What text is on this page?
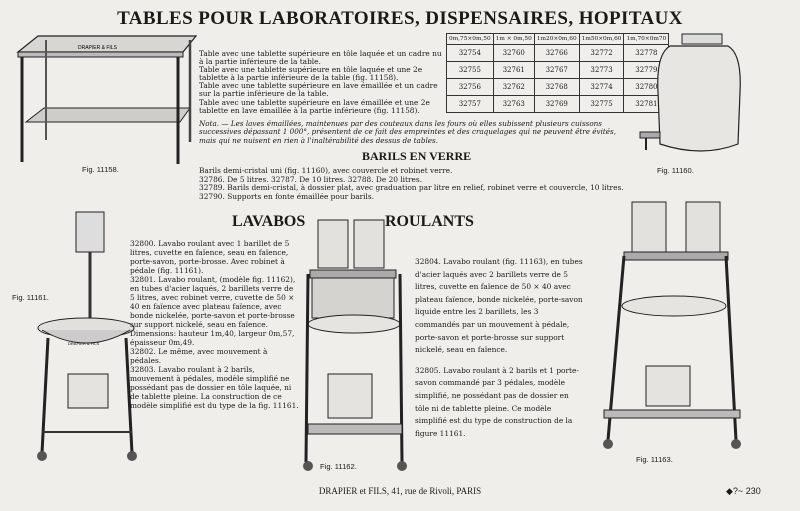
TABLES POUR LABORATOIRES, DISPENSAIRES, HOPITAUX
DRAPIER & FILS
Fig. 11158.
Table avec une tablette supérieure en tôle laquée et un cadre nu à la partie inférieure de la table.
Table avec une tablette supérieure en tôle laquée et une 2e tablette à la partie inférieure de la table (fig. 11158).
Table avec une tablette supérieure en lave émaillée et un cadre sur la partie inférieure de la table.
Table avec une tablette supérieure en lave émaillée et une 2e tablette en lave émaillée à la partie inférieure (fig. 11158).
0m,75×0m,50	1m × 0m,50	1m20×0m,60	1m50×0m,60	1m,70×0m70
32754	32760	32766	32772	32778
32755	32761	32767	32773	32779
32756	32762	32768	32774	32780
32757	32763	32769	32775	32781
Fig. 11160.
Nota. — Les laves émaillées, maintenues par des couteaux dans les fours où elles subissent plusieurs cuissons successives dépassant 1 000°, présentent de ce fait des empreintes et des craquelages qui ne peuvent être évités, mais qui ne nuisent en rien à l'inaltérabilité des dessus de tables.
BARILS EN VERRE
Barils demi-cristal uni (fig. 11160), avec couvercle et robinet verre.
32786. De 5 litres. 32787. De 10 litres. 32788. De 20 litres.
32789. Barils demi-cristal, à dossier plat, avec graduation par litre en relief, robinet verre et couvercle, 10 litres.
32790. Supports en fonte émaillée pour barils.
LAVABOS	ROULANTS
DRAPIER & FILS
Fig. 11161.
32800. Lavabo roulant avec 1 barillet de 5 litres, cuvette en faïence, seau en faïence, porte-savon, porte-brosse. Avec robinet à pédale (fig. 11161).
32801. Lavabo roulant, (modèle fig. 11162), en tubes d'acier laqués, 2 barillets verre de 5 litres, avec robinet verre, cuvette de 50 × 40 en faïence avec plateau faïence, avec bonde nickelée, porte-savon et porte-brosse sur support nickelé, seau en faïence.
Dimensions: hauteur 1m,40, largeur 0m,57, épaisseur 0m,49.
32802. Le même, avec mouvement à pédales.
32803. Lavabo roulant à 2 barils, mouvement à pédales, modèle simplifié ne possédant pas de dossier en tôle laquée, ni de tablette pleine. La construction de ce modèle simplifié est du type de la fig. 11161.
Fig. 11162.
32804. Lavabo roulant (fig. 11163), en tubes d'acier laqués avec 2 barillets verre de 5 litres, cuvette en faïence de 50 × 40 avec plateau faïence, bonde nickelée, porte-savon liquide entre les 2 barillets, les 3 commandés par un mouvement à pédale, porte-savon et porte-brosse sur support nickelé, seau en faïence.
32805. Lavabo roulant à 2 barils et 1 porte-savon commandé par 3 pédales, modèle simplifié, ne possédant pas de dossier en tôle ni de tablette pleine. Ce modèle simplifié est du type de construction de la figure 11161.
Fig. 11163.
DRAPIER et FILS, 41, rue de Rivoli, PARIS	◆?~ 230
